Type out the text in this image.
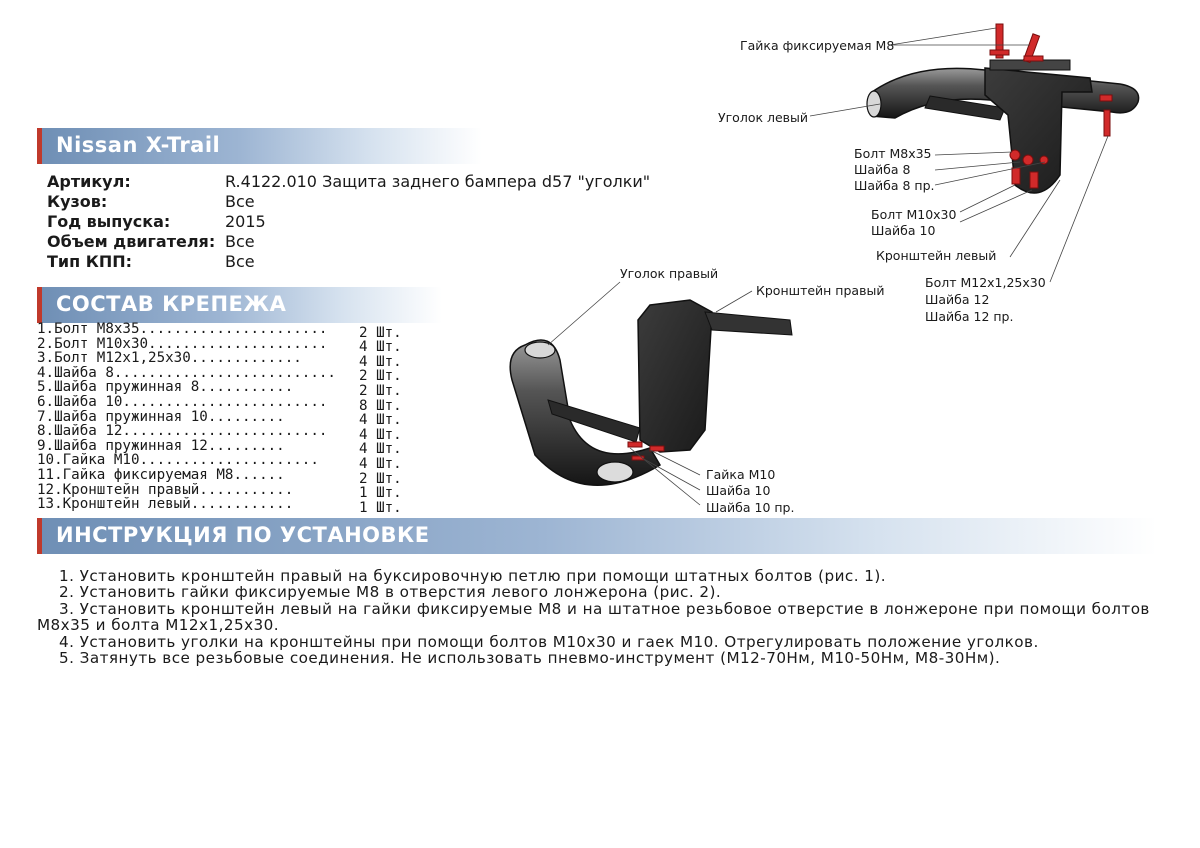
Nissan X-Trail
Артикул:	R.4122.010 Защита заднего бампера d57 "уголки"
Кузов:	Все
Год выпуска:	2015
Объем двигателя: Все
Тип КПП:	Все
СОСТАВ КРЕПЕЖА
1.Болт М8х35...................... 2 Шт.
2.Болт М10х30..................... 4 Шт.
3.Болт М12х1,25х30.............	4 Шт.
4.Шайба 8.......................... 2 Шт.
5.Шайба пружинная 8...........	2 Шт.
6.Шайба 10........................ 8 Шт.
7.Шайба пружинная 10.........	4 Шт.
8.Шайба 12........................ 4 Шт.
9.Шайба пружинная 12.........	4 Шт.
10.Гайка М10.....................	4 Шт.
11.Гайка фиксируемая М8......	2 Шт.
12.Кронштейн правый...........	1 Шт.
13.Кронштейн левый............	1 Шт.
ИНСТРУКЦИЯ ПО УСТАНОВКЕ

1. Установить кронштейн правый на буксировочную петлю при помощи штатных болтов (рис. 1).

2. Установить гайки фиксируемые М8 в отверстия левого лонжерона (рис. 2).

3. Установить кронштейн левый на гайки фиксируемые М8 и на штатное резьбовое отверстие в лонжероне при помощи болтов М8х35 и болта М12х1,25х30.

4. Установить уголки на кронштейны при помощи болтов М10х30 и гаек М10. Отрегулировать положение уголков.

5. Затянуть все резьбовые соединения. Не использовать пневмо-инструмент (М12-70Нм, М10-50Нм, М8-30Нм).

Гайка фиксируемая М8
Уголок левый
Болт М8х35
Шайба 8
Шайба 8 пр.
Болт М10х30
Шайба 10
Кронштейн левый
Болт М12х1,25х30
Шайба 12
Шайба 12 пр.
Уголок правый
Кронштейн правый
Гайка М10
Шайба 10
Шайба 10 пр.
